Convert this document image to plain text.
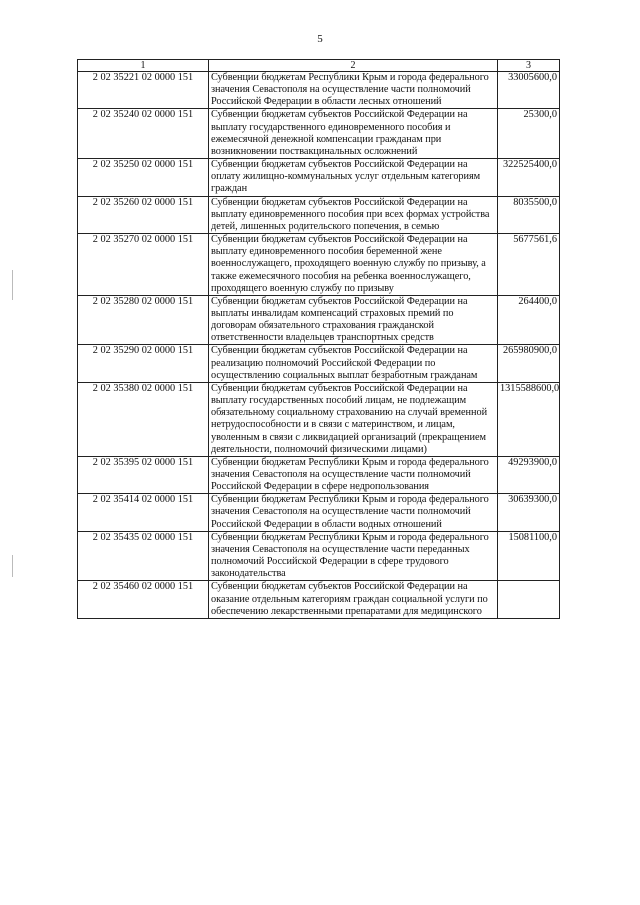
5
1	2	3
2 02 35221 02 0000 151	Субвенции бюджетам Республики Крым и города федерального значения Севастополя на осуществление части полномочий Российской Федерации в области лесных отношений	33005600,0
2 02 35240 02 0000 151	Субвенции бюджетам субъектов Российской Федерации на выплату государственного единовременного пособия и ежемесячной денежной компенсации гражданам при возникновении поствакцинальных осложнений	25300,0
2 02 35250 02 0000 151	Субвенции бюджетам субъектов Российской Федерации на оплату жилищно-коммунальных услуг отдельным категориям граждан	322525400,0
2 02 35260 02 0000 151	Субвенции бюджетам субъектов Российской Федерации на выплату единовременного пособия при всех формах устройства детей, лишенных родительского попечения, в семью	8035500,0
2 02 35270 02 0000 151	Субвенции бюджетам субъектов Российской Федерации на выплату единовременного пособия беременной жене военнослужащего, проходящего военную службу по призыву, а также ежемесячного пособия на ребенка военнослужащего, проходящего военную службу по призыву	5677561,6
2 02 35280 02 0000 151	Субвенции бюджетам субъектов Российской Федерации на выплаты инвалидам компенсаций страховых премий по договорам обязательного страхования гражданской ответственности владельцев транспортных средств	264400,0
2 02 35290 02 0000 151	Субвенции бюджетам субъектов Российской Федерации на реализацию полномочий Российской Федерации по осуществлению социальных выплат безработным гражданам	265980900,0
2 02 35380 02 0000 151	Субвенции бюджетам субъектов Российской Федерации на выплату государственных пособий лицам, не подлежащим обязательному социальному страхованию на случай временной нетрудоспособности и в связи с материнством, и лицам, уволенным в связи с ликвидацией организаций (прекращением деятельности, полномочий физическими лицами)	1315588600,0
2 02 35395 02 0000 151	Субвенции бюджетам Республики Крым и города федерального значения Севастополя на осуществление части полномочий Российской Федерации в сфере недропользования	49293900,0
2 02 35414 02 0000 151	Субвенции бюджетам Республики Крым и города федерального значения Севастополя на осуществление части полномочий Российской Федерации в области водных отношений	30639300,0
2 02 35435 02 0000 151	Субвенции бюджетам Республики Крым и города федерального значения Севастополя на осуществление части переданных полномочий Российской Федерации в сфере трудового законодательства	15081100,0
2 02 35460 02 0000 151	Субвенции бюджетам субъектов Российской Федерации на оказание отдельным категориям граждан социальной услуги по обеспечению лекарственными препаратами для медицинского	
